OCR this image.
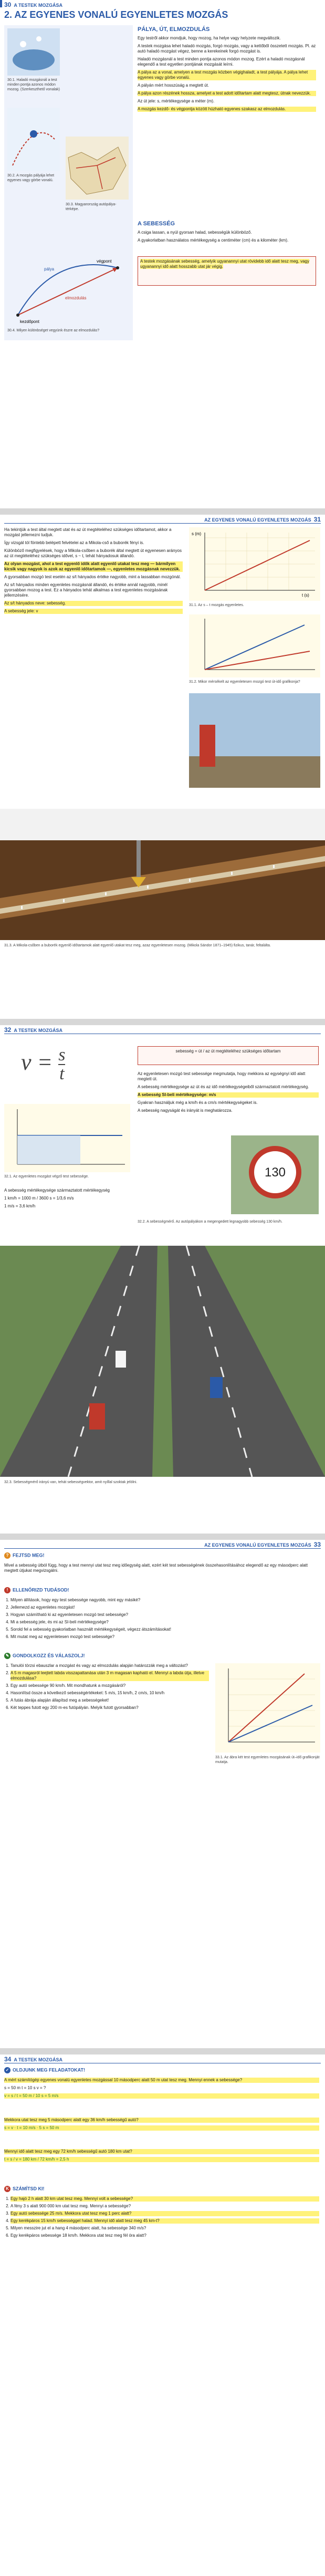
30 A TESTEK MOZGÁSA
2. AZ EGYENES VONALÚ EGYENLETES MOZGÁS
30.1. Haladó mozgásnál a test minden pontja azonos módon mozog. (Szerkeszthető vonalak)
30.2. A mozgás pályája lehet egyenes vagy görbe vonalú.
30.3. Magyarország autópálya-térképe.
kezdőpont
végpont
elmozdulás
pálya
30.4. Milyen különbséget vegyünk észre az elmozdulás?
PÁLYA, ÚT, ELMOZDULÁS

Egy testről akkor mondjuk, hogy mozog, ha helye vagy helyzete megváltozik.

A testek mozgása lehet haladó mozgás, forgó mozgás, vagy a kettőből összetett mozgás. Pl. az autó haladó mozgást végez, benne a kerekeinek forgó mozgást is.

Haladó mozgásnál a test minden pontja azonos módon mozog. Ezért a haladó mozgásnál elegendő a test egyetlen pontjának mozgását leírni.

A pálya az a vonal, amelyen a test mozgás közben végighaladt, a test pályája. A pálya lehet egyenes vagy görbe vonalú.

A pályán mért hosszúság a megtett út.

A pálya azon részének hossza, amelyet a test adott időtartam alatt megtesz, útnak nevezzük.

Az út jele: s, mértékegysége a méter (m).

A mozgás kezdő- és végpontja között húzható egyenes szakasz az elmozdulás.

A SEBESSÉG

A csiga lassan, a nyúl gyorsan halad, sebességük különböző.

A gyakorlatban használatos mértékegység a centiméter (cm) és a kilométer (km).

A testek mozgásának sebesség, amelyik ugyanannyi utat rövidebb idő alatt tesz meg, vagy ugyanannyi idő alatt hosszabb utat jár végig.
AZ EGYENES VONALÚ EGYENLETES MOZGÁS 31

Ha tekintjük a test által megtett utat és az út megtételéhez szükséges időtartamot, akkor a mozgást jellemezni tudjuk.

Így vizsgál tól föntebb belépett felvételei az a Mikola-cső a buborék fényi is.

Különböző megfigyelések, hogy a Mikola-csőben a buborék által megtett út egyenesen arányos az út megtételéhez szükséges idővel, s ~ t, tehát hányadosuk állandó.

Az olyan mozgást, ahol a test egyenlő idők alatt egyenlő utakat tesz meg — bármilyen kicsik vagy nagyok is azok az egyenlő időtartamok —, egyenletes mozgásnak nevezzük.

A gyorsabban mozgó test esetén az s/t hányados értéke nagyobb, mint a lassabban mozgónál.

Az s/t hányados minden egyenletes mozgásnál állandó, és értéke annál nagyobb, minél gyorsabban mozog a test. Ez a hányados tehát alkalmas a test egyenletes mozgásának jellemzésére.

Az s/t hányados neve: sebesség.

A sebesség jele: v

s (m)
t (s)
31.1. Az s – t mozgás egyenletes.
31.2. Mikor mérsékelt az egyenletesen mozgó test út-idő grafikonja?
31.3. A Mikola-csőben a buborék egyenlő időtartamok alatt egyenlő utakat tesz meg, azaz egyenletesen mozog. (Mikola Sándor 1871–1945) fizikus, tanár, feltalálta.
32 A TESTEK MOZGÁSA
$v = \frac{s}{t}$
32.1. Az egyenletes mozgást végző test sebessége.

A sebesség mértékegysége származtatott mértékegység

1 km/h = 1000 m / 3600 s = 1/3,6 m/s

1 m/s = 3,6 km/h

sebesség = út / az út megtételéhez szükséges időtartam

Az egyenletesen mozgó test sebessége megmutatja, hogy mekkora az egységnyi idő alatt megtett út.

A sebesség mértékegysége az út és az idő mértékegységeiből származtatott mértékegység.

A sebesség SI-beli mértékegysége: m/s

Gyakran használjuk még a km/h és a cm/s mértékegységeket is.

A sebesség nagyságát és irányát is meghatározza.

130
32.2. A sebességmérő. Az autópályákon a megengedett legnagyobb sebesség 130 km/h.
32.3. Sebességmérő irányú van, tehát sebességvektor, amit nyíllal szoktak jelölni.
AZ EGYENES VONALÚ EGYENLETES MOZGÁS 33
? FEJTSD MEG!
Mivel a sebesség útból függ, hogy a test mennyi utat tesz meg időegység alatt, ezért két test sebességének összehasonlításához elegendő az egy másodperc alatt megtett útjukat megvizsgálni.
! ELLENŐRIZD TUDÁSOD!
1. Milyen állítások, hogy egy test sebessége nagyobb, mint egy másiké?
2. Jellemezd az egyenletes mozgást!
3. Hogyan számítható ki az egyenletesen mozgó test sebessége?
4. Mi a sebesség jele, és mi az SI-beli mértékegysége?
5. Sorold fel a sebesség gyakorlatban használt mértékegységeit, végezz átszámításokat!
6. Mit mutat meg az egyenletesen mozgó test sebessége?
✎ GONDOLKOZZ ÉS VÁLASZOLJ!
1. Tanulói törzsi ebauszlar a mozgást és vagy az elmozdulás alapján határozzák meg a változást?
2. A 5 m magasról leejtett labda visszapattanása után 3 m magasan kapható el. Mennyi a labda útja, illetve elmozdulása?
3. Egy autó sebessége 90 km/h. Mit mondhatunk a mozgásáról?
4. Hasonlítsd össze a következő sebességértékeket: 5 m/s, 15 km/h, 2 cm/s, 10 km/h
5. A futás ábrája alapján állapítsd meg a sebességeket!
6. Két teppes futott egy 200 m-es futópályán. Melyik futott gyorsabban?
33.1. Az ábra két test egyenletes mozgásának út–idő grafikonját mutatja.
34 A TESTEK MOZGÁSA
✓ OLDJUNK MEG FELADATOKAT!

A mért számítógép egyenes vonalú egyenletes mozgással 10 másodperc alatt 50 m utat tesz meg. Mennyi ennek a sebessége?

s = 50 m t = 10 s v = ?

v = s / t = 50 m / 10 s = 5 m/s

Mekkora utat tesz meg 5 másodperc alatt egy 36 km/h sebességű autó?

s = v · t = 10 m/s · 5 s = 50 m

Mennyi idő alatt tesz meg egy 72 km/h sebességű autó 180 km utat?

t = s / v = 180 km / 72 km/h = 2,5 h

K SZÁMÍTSD KI!
1. Egy hajó 2 h alatt 30 km utat tesz meg. Mennyi volt a sebessége?
2. A fény 3 s alatt 900 000 km utat tesz meg. Mennyi a sebessége?
3. Egy autó sebessége 25 m/s. Mekkora utat tesz meg 1 perc alatt?
4. Egy kerékpáros 15 km/h sebességgel halad. Mennyi idő alatt tesz meg 45 km-t?
5. Milyen messzire jut el a hang 4 másodperc alatt, ha sebessége 340 m/s?
6. Egy kerékpáros sebessége 18 km/h. Mekkora utat tesz meg fél óra alatt?
